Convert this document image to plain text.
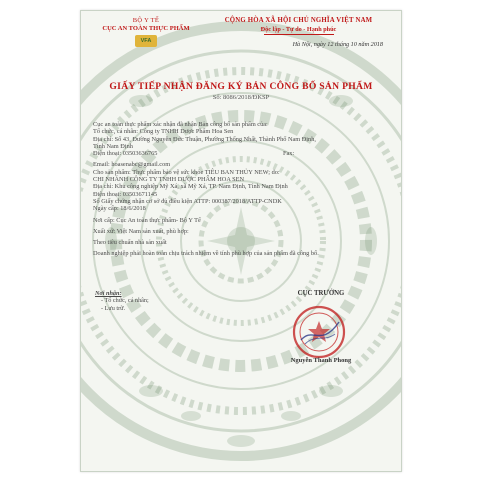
BỘ Y TẾ
CỤC AN TOÀN THỰC PHẨM
VFA
CỘNG HÒA XÃ HỘI CHỦ NGHĨA VIỆT NAM
Độc lập - Tự do - Hạnh phúc
Hà Nội, ngày 12 tháng 10 năm 2018
GIẤY TIẾP NHẬN ĐĂNG KÝ BẢN CÔNG BỐ SẢN PHẨM
Số: 8086/2018/ĐKSP

Cục an toàn thực phẩm xác nhận đã nhận Bản công bố sản phẩm của:

Tổ chức, cá nhân: Công ty TNHH Dược Phẩm Hoa Sen

Địa chỉ: Số 43, Đường Nguyễn Đức Thuận, Phường Thống Nhất, Thành Phố Nam Định,

Tỉnh Nam Định

Điện thoại: 03503636765	Fax:

Email: hoasenabc@gmail.com

Cho sản phẩm: Thực phẩm bảo vệ sức khỏe TIÊU BAN THỦY NEW; do:

CHI NHÁNH CÔNG TY TNHH DƯỢC PHẨM HOA SEN

Địa chỉ: Khu công nghiệp Mỹ Xá, xã Mỹ Xá, TP. Nam Định, Tỉnh Nam Định

Điện thoại: 03503671145

Số Giấy chứng nhận cơ sở đủ điều kiện ATTP: 000387/2018/ATTP-CNDK

Ngày cấp: 18/6/2018

Nơi cấp: Cục An toàn thực phẩm- Bộ Y Tế

Xuất xứ: Việt Nam sản xuất, phù hợp:

Theo tiêu chuẩn nhà sản xuất

Doanh nghiệp phải hoàn toàn chịu trách nhiệm về tính phù hợp của sản phẩm đã công bố.

Nơi nhận:

- Tổ chức, cá nhân;

- Lưu trữ.

CỤC TRƯỞNG
Nguyễn Thanh Phong
